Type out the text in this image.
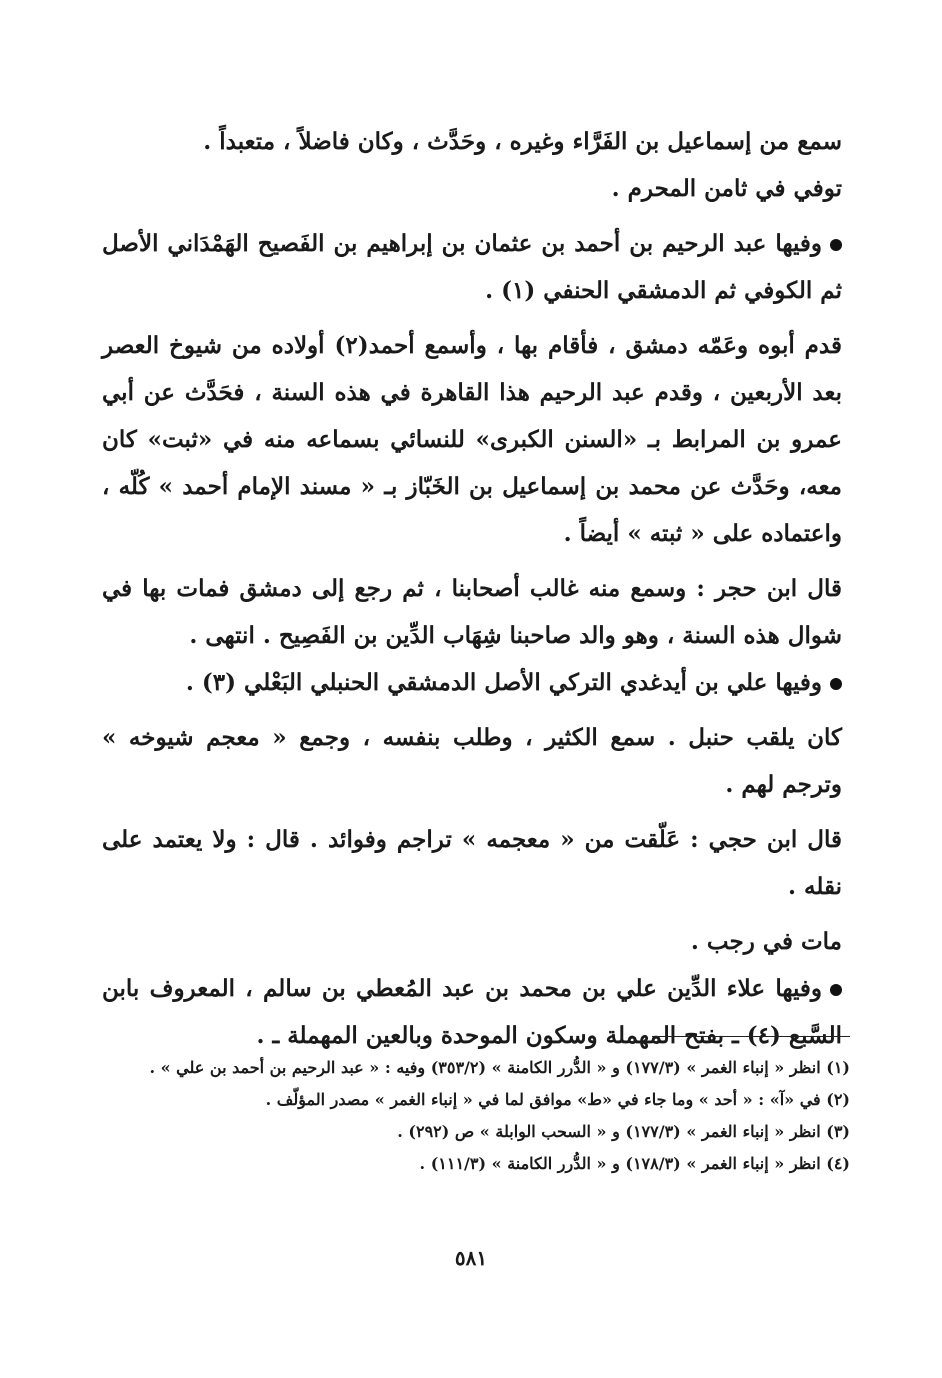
سمع من إسماعيل بن الفَرَّاء وغيره ، وحَدَّث ، وكان فاضلاً ، متعبداً .

توفي في ثامن المحرم .

وفيها عبد الرحيم بن أحمد بن عثمان بن إبراهيم بن الفَصيح الهَمْدَاني الأصل ثم الكوفي ثم الدمشقي الحنفي (١) .

قدم أبوه وعَمّه دمشق ، فأقام بها ، وأسمع أحمد(٢) أولاده من شيوخ العصر بعد الأربعين ، وقدم عبد الرحيم هذا القاهرة في هذه السنة ، فحَدَّث عن أبي عمرو بن المرابط بـ «السنن الكبرى» للنسائي بسماعه منه في «ثبت» كان معه، وحَدَّث عن محمد بن إسماعيل بن الخَبّاز بـ « مسند الإمام أحمد » كُلّه ، واعتماده على « ثبته » أيضاً .

قال ابن حجر : وسمع منه غالب أصحابنا ، ثم رجع إلى دمشق فمات بها في شوال هذه السنة ، وهو والد صاحبنا شِهَاب الدِّين بن الفَصِيح . انتهى .

وفيها علي بن أيدغدي التركي الأصل الدمشقي الحنبلي البَعْلي (٣) .

كان يلقب حنبل . سمع الكثير ، وطلب بنفسه ، وجمع « معجم شيوخه » وترجم لهم .

قال ابن حجي : عَلّقت من « معجمه » تراجم وفوائد . قال : ولا يعتمد على نقله .

مات في رجب .

وفيها علاء الدِّين علي بن محمد بن عبد المُعطي بن سالم ، المعروف بابن السَّبع (٤) ـ بفتح المهملة وسكون الموحدة وبالعين المهملة ـ .

(١) انظر « إنباء الغمر » (١٧٧/٣) و « الدُّرر الكامنة » (٣٥٣/٢) وفيه : « عبد الرحيم بن أحمد بن علي » .

(٢) في «آ» : « أحد » وما جاء في «ط» موافق لما في « إنباء الغمر » مصدر المؤلّف .

(٣) انظر « إنباء الغمر » (١٧٧/٣) و « السحب الوابلة » ص (٢٩٢) .

(٤) انظر « إنباء الغمر » (١٧٨/٣) و « الدُّرر الكامنة » (١١١/٣) .

٥٨١
